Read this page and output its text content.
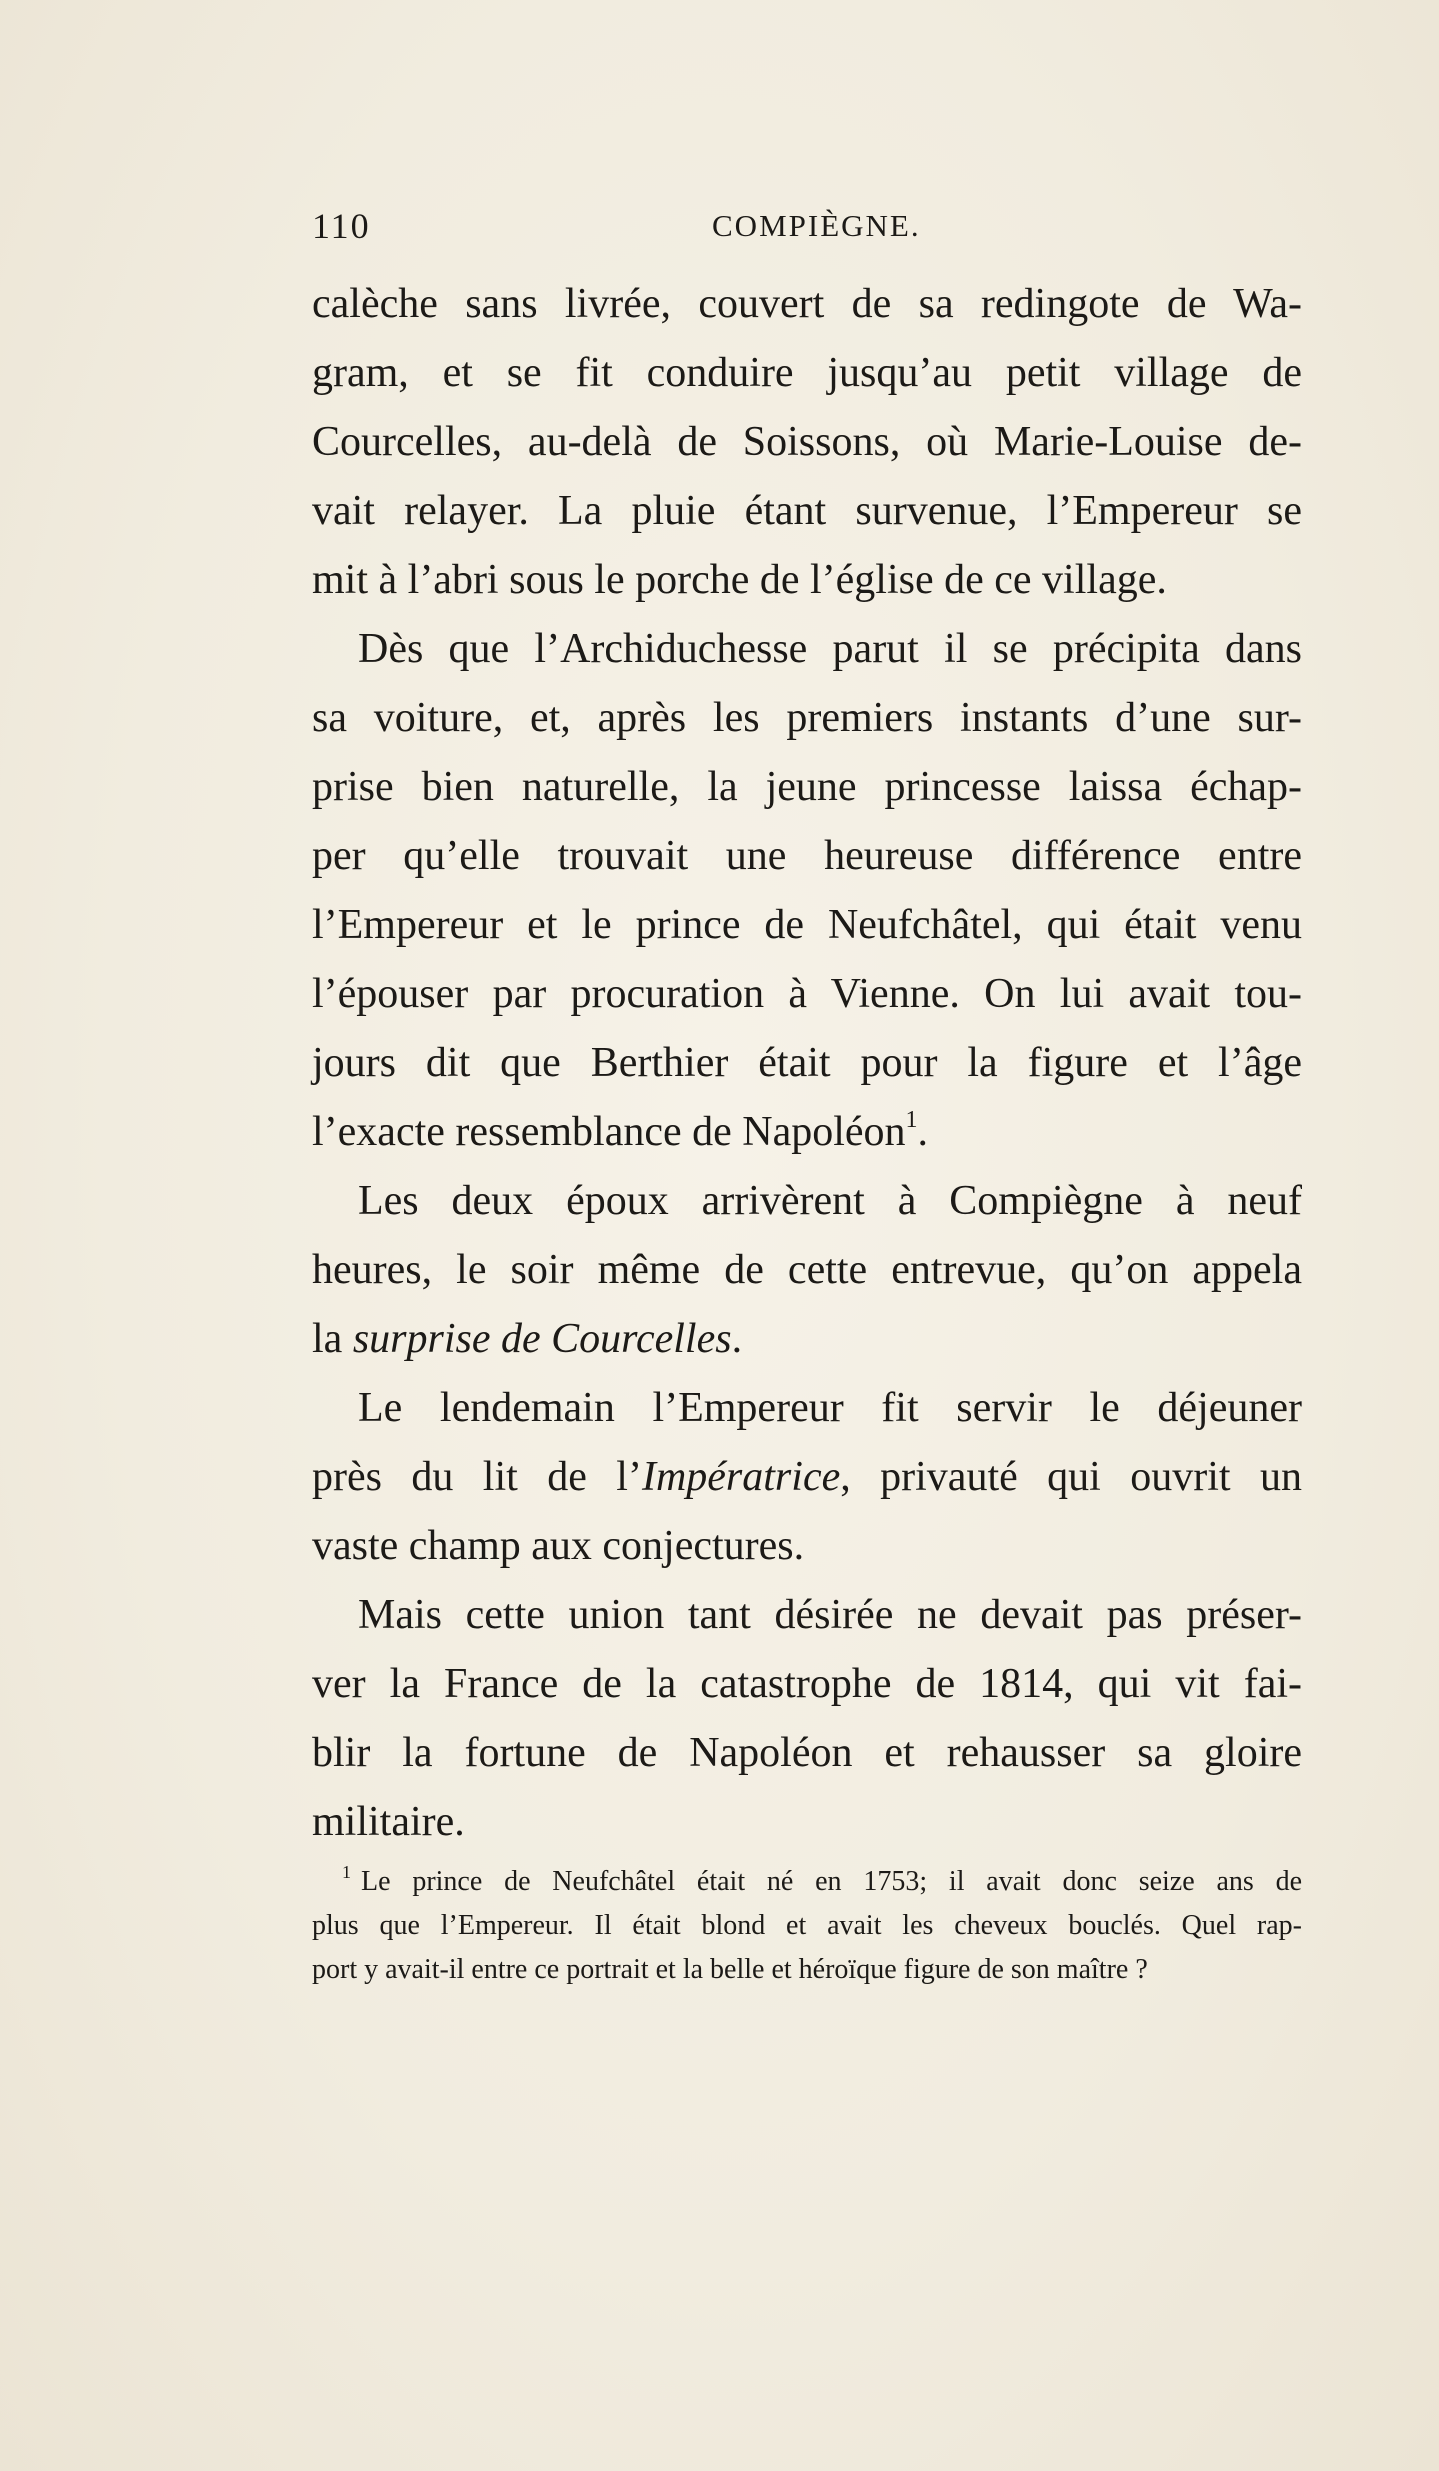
110	COMPIÈGNE.
calèche sans livrée, couvert de sa redingote de Wa-
gram, et se fit conduire jusqu’au petit village de
Courcelles, au-delà de Soissons, où Marie-Louise de-
vait relayer. La pluie étant survenue, l’Empereur se
mit à l’abri sous le porche de l’église de ce village.
Dès que l’Archiduchesse parut il se précipita dans
sa voiture, et, après les premiers instants d’une sur-
prise bien naturelle, la jeune princesse laissa échap-
per qu’elle trouvait une heureuse différence entre
l’Empereur et le prince de Neufchâtel, qui était venu
l’épouser par procuration à Vienne. On lui avait tou-
jours dit que Berthier était pour la figure et l’âge
l’exacte ressemblance de Napoléon$^1$.
Les deux époux arrivèrent à Compiègne à neuf
heures, le soir même de cette entrevue, qu’on appela
la surprise de Courcelles.
Le lendemain l’Empereur fit servir le déjeuner
près du lit de l’Impératrice, privauté qui ouvrit un
vaste champ aux conjectures.
Mais cette union tant désirée ne devait pas préser-
ver la France de la catastrophe de 1814, qui vit fai-
blir la fortune de Napoléon et rehausser sa gloire
militaire.
$^1$ Le prince de Neufchâtel était né en 1753; il avait donc seize ans de
plus que l’Empereur. Il était blond et avait les cheveux bouclés. Quel rap-
port y avait-il entre ce portrait et la belle et héroïque figure de son maître ?
